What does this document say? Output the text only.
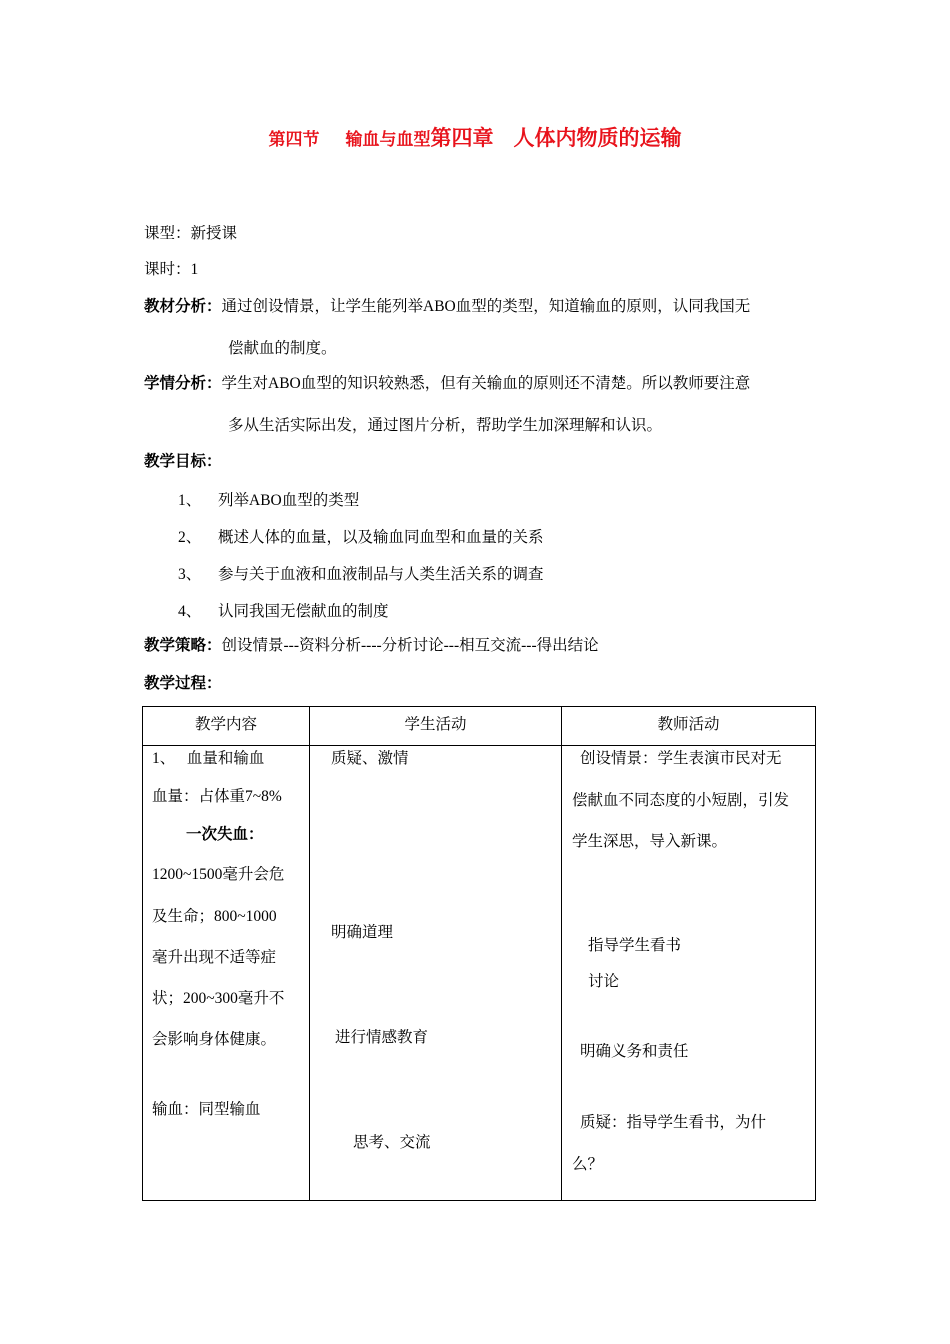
第四节 输血与血型第四章 人体内物质的运输
课型：新授课
课时：1
教材分析：通过创设情景，让学生能列举ABO血型的类型，知道输血的原则，认同我国无
偿献血的制度。
学情分析：学生对ABO血型的知识较熟悉，但有关输血的原则还不清楚。所以教师要注意
多从生活实际出发，通过图片分析，帮助学生加深理解和认识。
教学目标：
1、 列举ABO血型的类型
2、 概述人体的血量，以及输血同血型和血量的关系
3、 参与关于血液和血液制品与人类生活关系的调查
4、 认同我国无偿献血的制度
教学策略：创设情景---资料分析----分析讨论---相互交流---得出结论
教学过程：
教学内容	学生活动	教师活动
1、   血量和输血
血量：占体重7~8%
一次失血：
1200~1500毫升会危
及生命；800~1000
毫升出现不适等症
状；200~300毫升不
会影响身体健康。
输血：同型输血
质疑、激情
明确道理
进行情感教育
思考、交流
创设情景：学生表演市民对无
偿献血不同态度的小短剧，引发
学生深思，导入新课。
指导学生看书
讨论
明确义务和责任
质疑：指导学生看书，为什
么？
